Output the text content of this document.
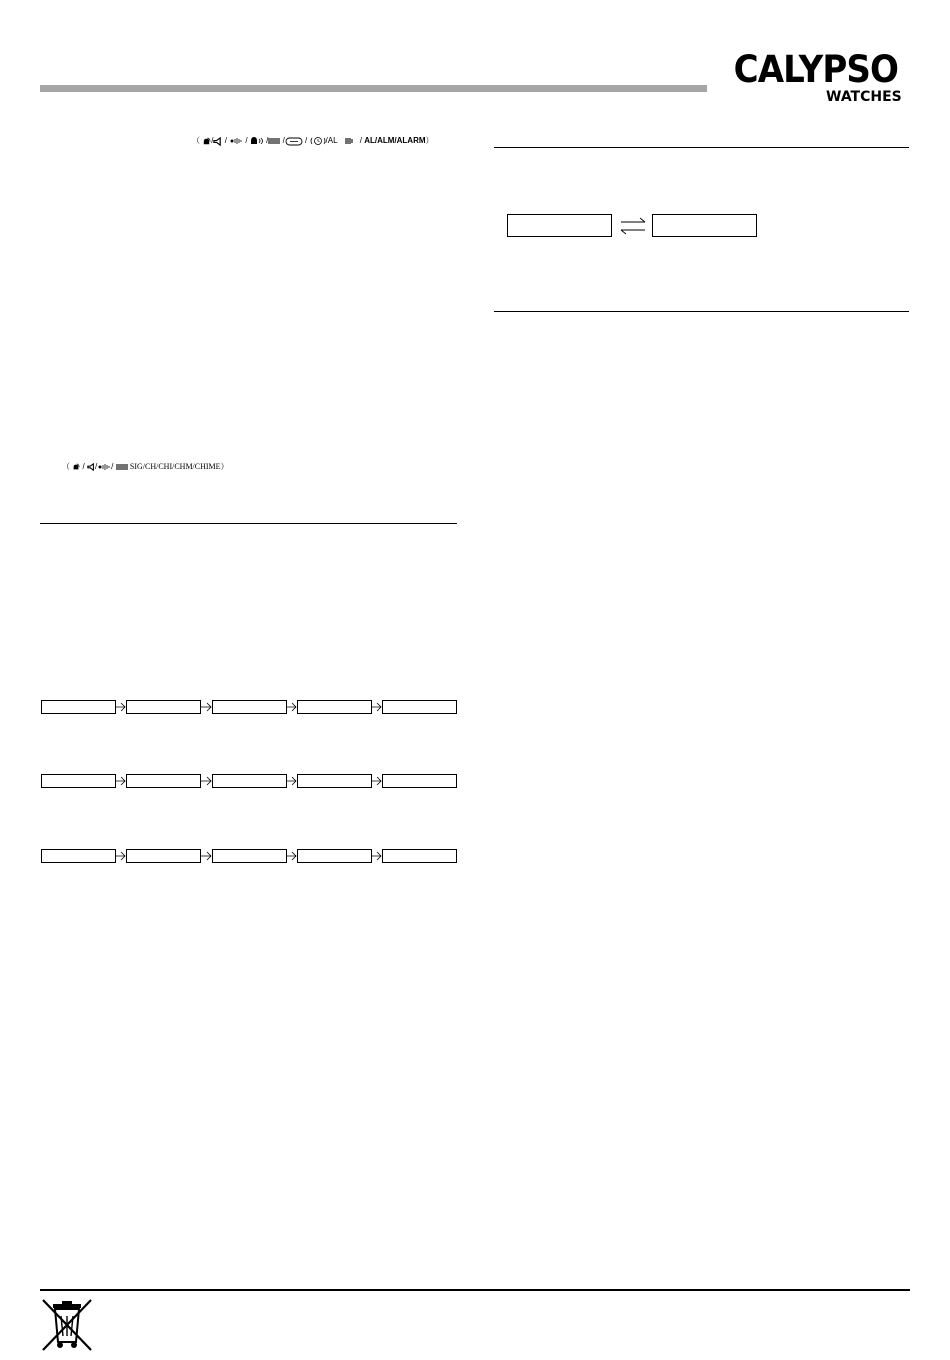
CALYPSO
WATCHES
（ / / / / /	/ /AL	/ AL/ALM/ALARM）
（ / / / SIG/CH/CHI/CHM/CHIME）
